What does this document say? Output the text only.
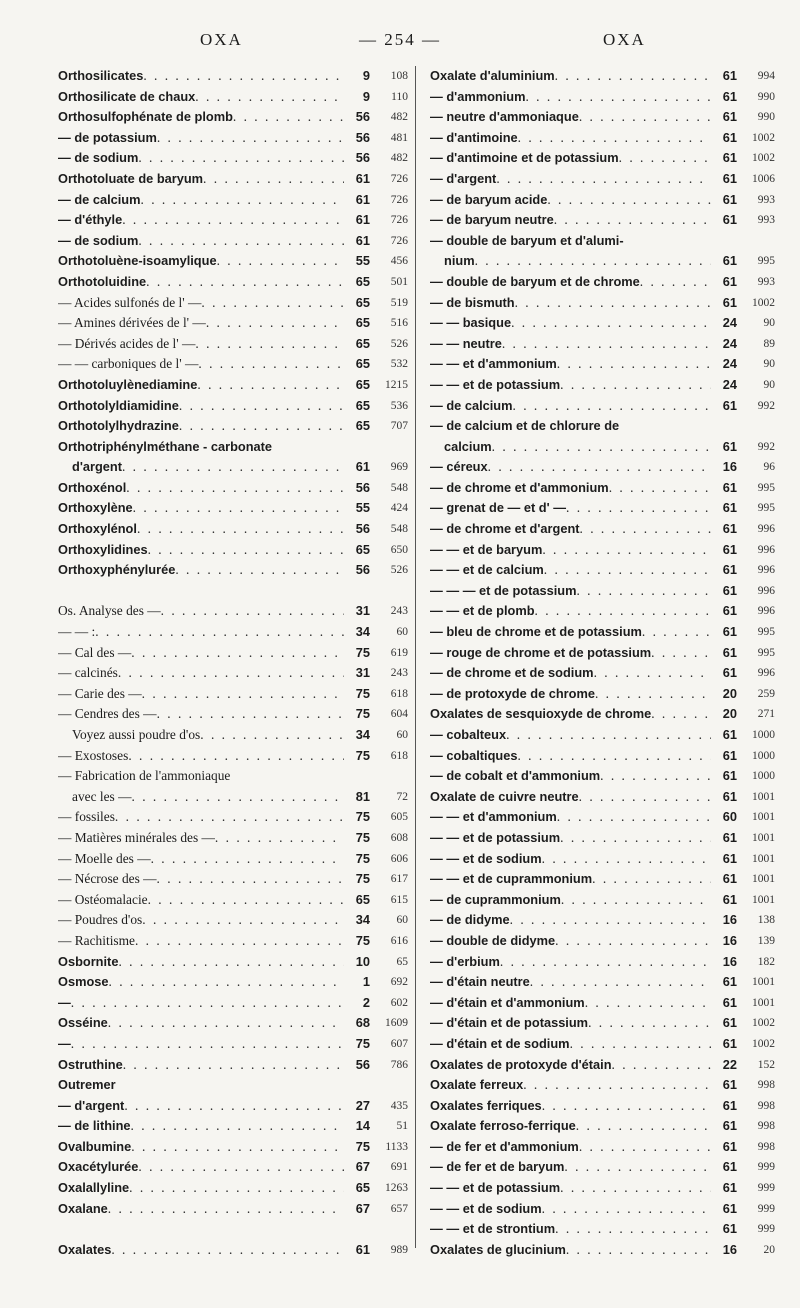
OXA	— 254 —	OXA
Orthosilicates . . .	9	108
Orthosilicate de chaux . . .	9	110
Orthosulfophénate de plomb . . .	56	482
— de potassium . . .	56	481
— de sodium . . .	56	482
Orthotoluate de baryum . . .	61	726
— de calcium . . .	61	726
— d'éthyle . . .	61	726
— de sodium . . .	61	726
Orthotoluène-isoamylique . . .	55	456
Orthotoluidine . . .	65	501
— Acides sulfonés de l' — . . .	65	519
— Amines dérivées de l' — . . .	65	516
— Dérivés acides de l' — . . .	65	526
— — carboniques de l' — . . .	65	532
Orthotoluylènediamine . . .	65	1215
Orthotolyldiamidine . . .	65	536
Orthotolylhydrazine . . .	65	707
Orthotriphénylméthane - carbonate
d'argent . . .	61	969
Orthoxénol . . .	56	548
Orthoxylène . . .	55	424
Orthoxylénol . . .	56	548
Orthoxylidines . . .	65	650
Orthoxyphénylurée . . .	56	526
Os. Analyse des — . . .	31	243
— — : . . .	34	60
— Cal des — . . .	75	619
— calcinés . . .	31	243
— Carie des — . . .	75	618
— Cendres des — . . .	75	604
Voyez aussi poudre d'os . . .	34	60
— Exostoses . . .	75	618
— Fabrication de l'ammoniaque
avec les — . . .	81	72
— fossiles . . .	75	605
— Matières minérales des — . . .	75	608
— Moelle des — . . .	75	606
— Nécrose des — . . .	75	617
— Ostéomalacie . . .	65	615
— Poudres d'os . . .	34	60
— Rachitisme . . .	75	616
Osbornite . . .	10	65
Osmose . . .	1	692
— . . .	2	602
Osséine . . .	68	1609
— . . .	75	607
Ostruthine . . .	56	786
Outremer
— d'argent . . .	27	435
— de lithine . . .	14	51
Ovalbumine . . .	75	1133
Oxacétylurée . . .	67	691
Oxalallyline . . .	65	1263
Oxalane . . .	67	657
Oxalates . . .	61	989
Oxalate d'aluminium . . .	61	994
— d'ammonium . . .	61	990
— neutre d'ammoniaque . . .	61	990
— d'antimoine . . .	61	1002
— d'antimoine et de potassium . . .	61	1002
— d'argent . . .	61	1006
— de baryum acide . . .	61	993
— de baryum neutre . . .	61	993
— double de baryum et d'alumi-
nium . . .	61	995
— double de baryum et de chrome . . .	61	993
— de bismuth . . .	61	1002
— — basique . . .	24	90
— — neutre . . .	24	89
— — et d'ammonium . . .	24	90
— — et de potassium . . .	24	90
— de calcium . . .	61	992
— de calcium et de chlorure de
calcium . . .	61	992
— céreux . . .	16	96
— de chrome et d'ammonium . . .	61	995
— grenat de — et d' — . . .	61	995
— de chrome et d'argent . . .	61	996
— — et de baryum . . .	61	996
— — et de calcium . . .	61	996
— — — et de potassium . . .	61	996
— — et de plomb . . .	61	996
— bleu de chrome et de potassium . . .	61	995
— rouge de chrome et de potassium . . .	61	995
— de chrome et de sodium . . .	61	996
— de protoxyde de chrome . . .	20	259
Oxalates de sesquioxyde de chrome . . .	20	271
— cobalteux . . .	61	1000
— cobaltiques . . .	61	1000
— de cobalt et d'ammonium . . .	61	1000
Oxalate de cuivre neutre . . .	61	1001
— — et d'ammonium . . .	60	1001
— — et de potassium . . .	61	1001
— — et de sodium . . .	61	1001
— — et de cuprammonium . . .	61	1001
— de cuprammonium . . .	61	1001
— de didyme . . .	16	138
— double de didyme . . .	16	139
— d'erbium . . .	16	182
— d'étain neutre . . .	61	1001
— d'étain et d'ammonium . . .	61	1001
— d'étain et de potassium . . .	61	1002
— d'étain et de sodium . . .	61	1002
Oxalates de protoxyde d'étain . . .	22	152
Oxalate ferreux . . .	61	998
Oxalates ferriques . . .	61	998
Oxalate ferroso-ferrique . . .	61	998
— de fer et d'ammonium . . .	61	998
— de fer et de baryum . . .	61	999
— — et de potassium . . .	61	999
— — et de sodium . . .	61	999
— — et de strontium . . .	61	999
Oxalates de glucinium . . .	16	20
